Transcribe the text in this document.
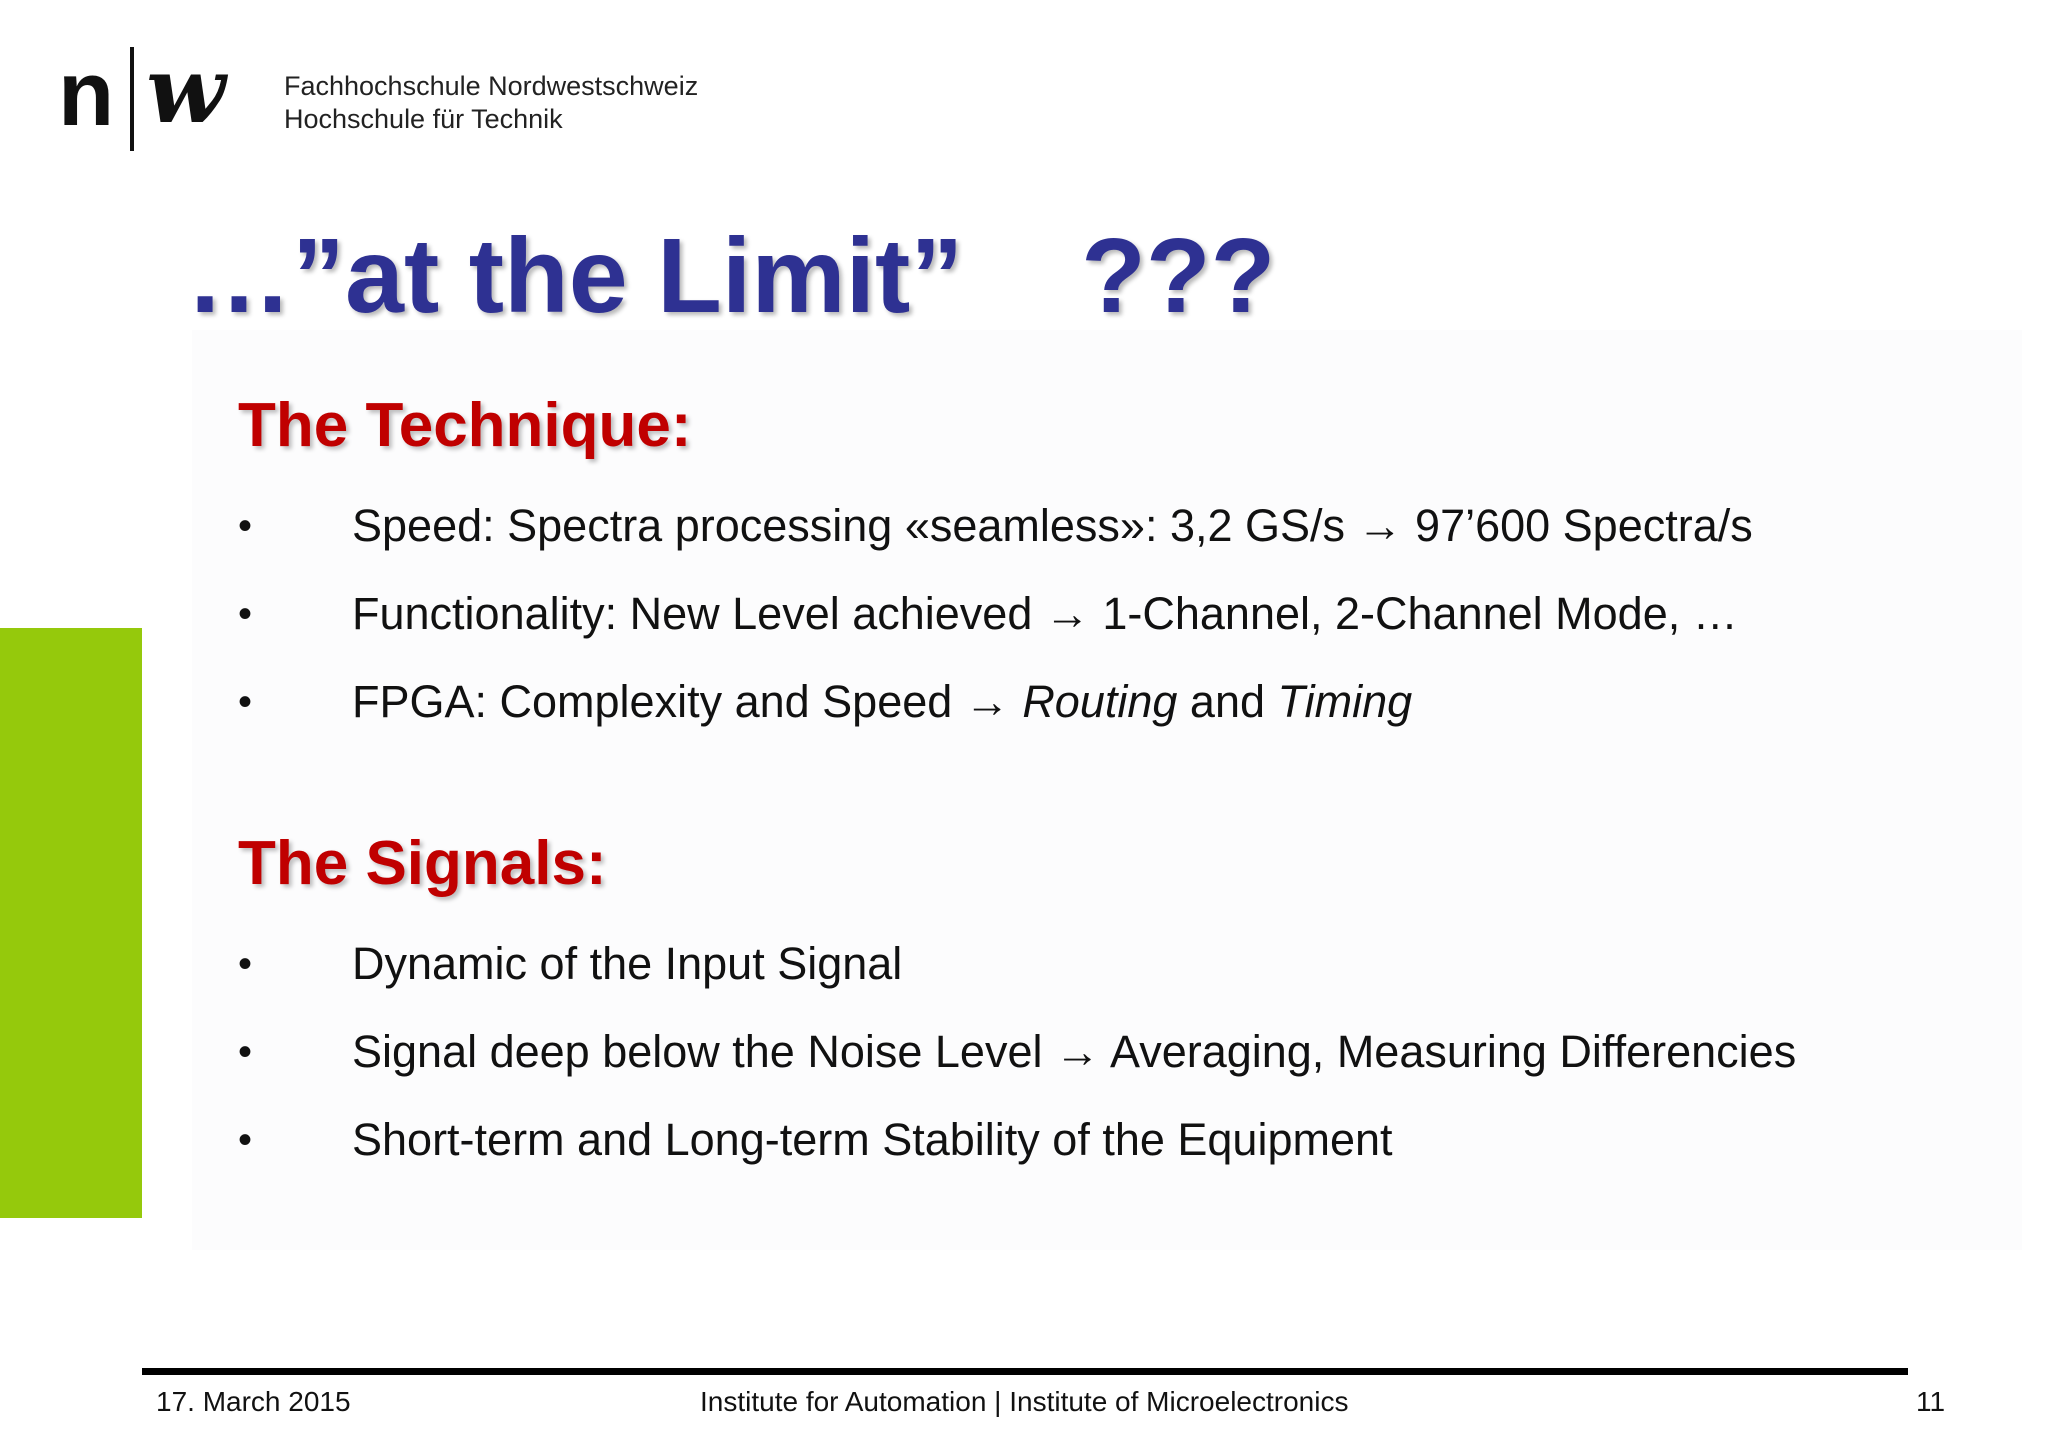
n w Fachhochschule Nordwestschweiz
Hochschule für Technik
…”at the Limit”    ???
The Technique:
•	Speed: Spectra processing «seamless»: 3,2 GS/s → 97’600 Spectra/s
•	Functionality: New Level achieved → 1-Channel, 2-Channel Mode, …
•	FPGA: Complexity and Speed → Routing and Timing
The Signals:
•	Dynamic of the Input Signal
•	Signal deep below the Noise Level → Averaging, Measuring Differencies
•	Short-term and Long-term Stability of the Equipment
17. March 2015	Institute for Automation | Institute of Microelectronics	11
